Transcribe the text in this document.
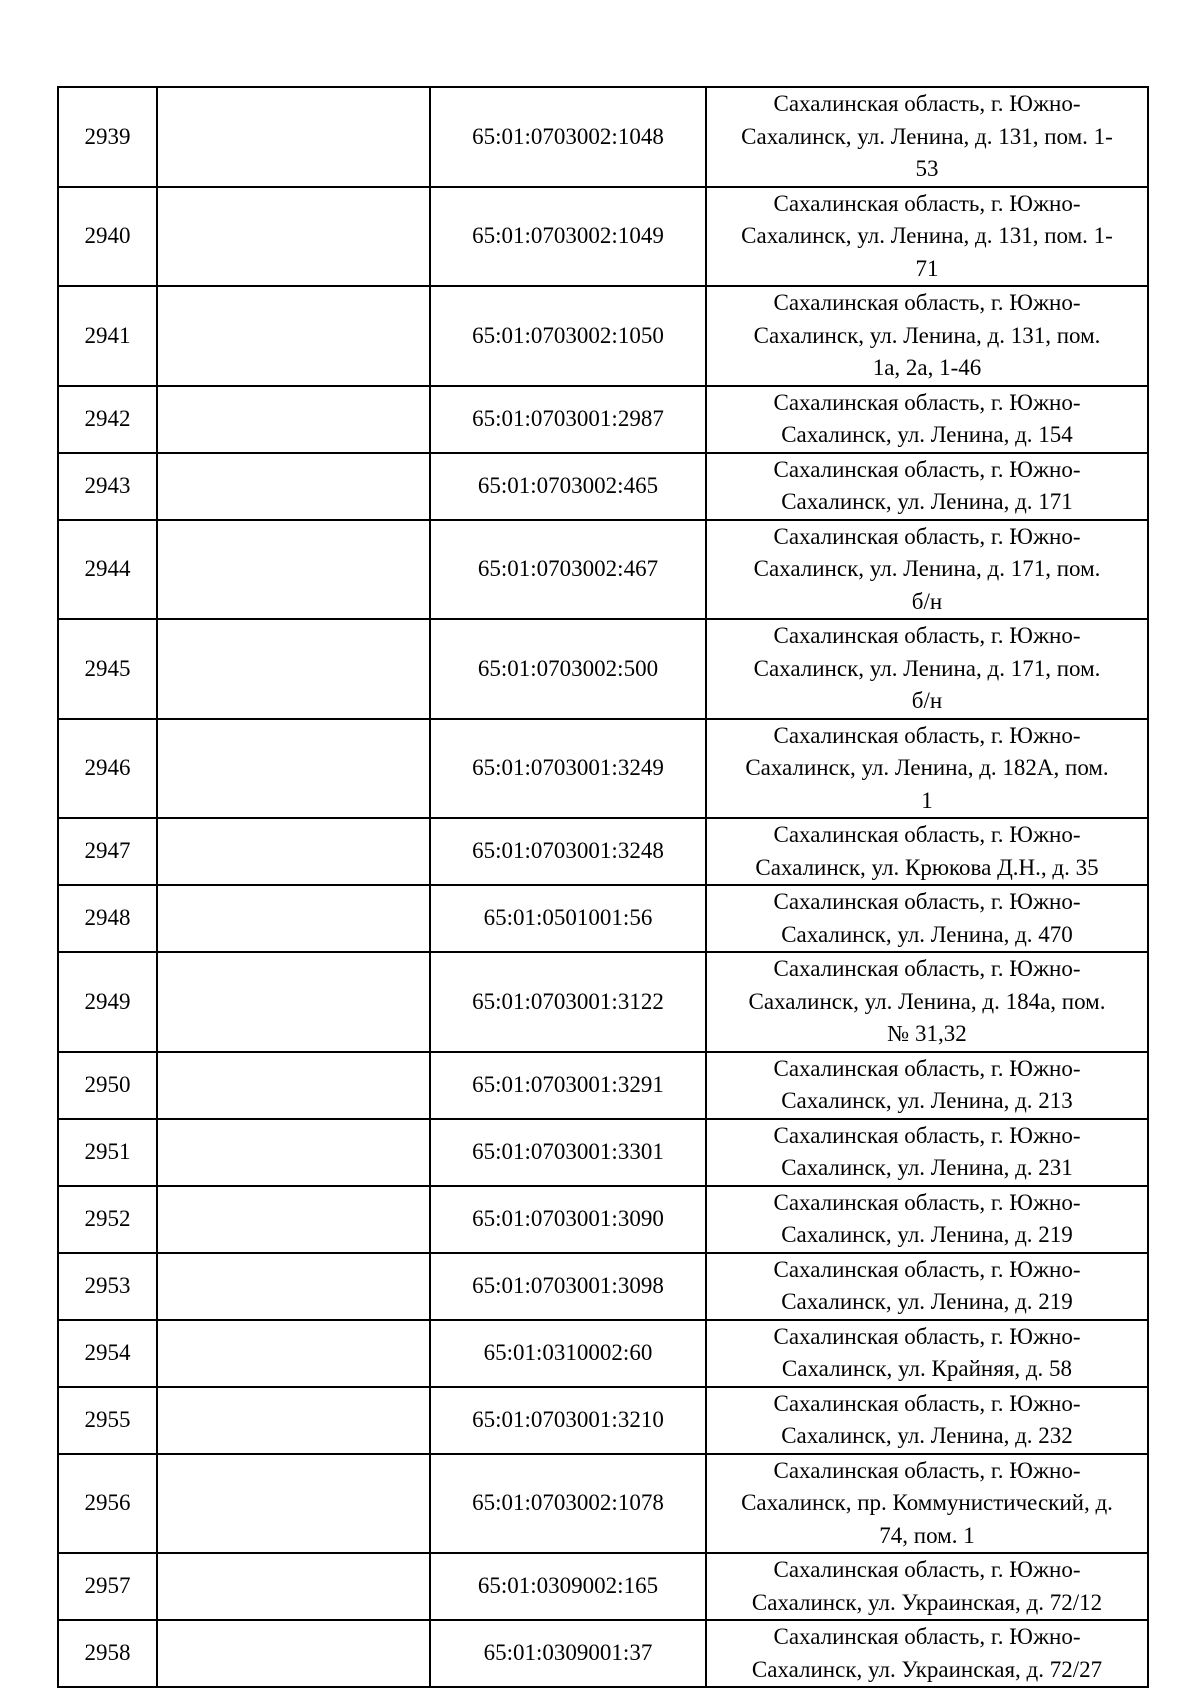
2939		65:01:0703002:1048	Сахалинская область, г. Южно-
Сахалинск, ул. Ленина, д. 131, пом. 1-
53

2940		65:01:0703002:1049	Сахалинская область, г. Южно-
Сахалинск, ул. Ленина, д. 131, пом. 1-
71

2941		65:01:0703002:1050	Сахалинская область, г. Южно-
Сахалинск, ул. Ленина, д. 131, пом.
1а, 2а, 1-46

2942		65:01:0703001:2987	Сахалинская область, г. Южно-
Сахалинск, ул. Ленина, д. 154

2943		65:01:0703002:465	Сахалинская область, г. Южно-
Сахалинск, ул. Ленина, д. 171

2944		65:01:0703002:467	Сахалинская область, г. Южно-
Сахалинск, ул. Ленина, д. 171, пом.
б/н

2945		65:01:0703002:500	Сахалинская область, г. Южно-
Сахалинск, ул. Ленина, д. 171, пом.
б/н

2946		65:01:0703001:3249	Сахалинская область, г. Южно-
Сахалинск, ул. Ленина, д. 182А, пом.
1

2947		65:01:0703001:3248	Сахалинская область, г. Южно-
Сахалинск, ул. Крюкова Д.Н., д. 35

2948		65:01:0501001:56	Сахалинская область, г. Южно-
Сахалинск, ул. Ленина, д. 470

2949		65:01:0703001:3122	Сахалинская область, г. Южно-
Сахалинск, ул. Ленина, д. 184а, пом.
№ 31,32

2950		65:01:0703001:3291	Сахалинская область, г. Южно-
Сахалинск, ул. Ленина, д. 213

2951		65:01:0703001:3301	Сахалинская область, г. Южно-
Сахалинск, ул. Ленина, д. 231

2952		65:01:0703001:3090	Сахалинская область, г. Южно-
Сахалинск, ул. Ленина, д. 219

2953		65:01:0703001:3098	Сахалинская область, г. Южно-
Сахалинск, ул. Ленина, д. 219

2954		65:01:0310002:60	Сахалинская область, г. Южно-
Сахалинск, ул. Крайняя, д. 58

2955		65:01:0703001:3210	Сахалинская область, г. Южно-
Сахалинск, ул. Ленина, д. 232

2956		65:01:0703002:1078	Сахалинская область, г. Южно-
Сахалинск, пр. Коммунистический, д.
74, пом. 1

2957		65:01:0309002:165	Сахалинская область, г. Южно-
Сахалинск, ул. Украинская, д. 72/12

2958		65:01:0309001:37	Сахалинская область, г. Южно-
Сахалинск, ул. Украинская, д. 72/27
